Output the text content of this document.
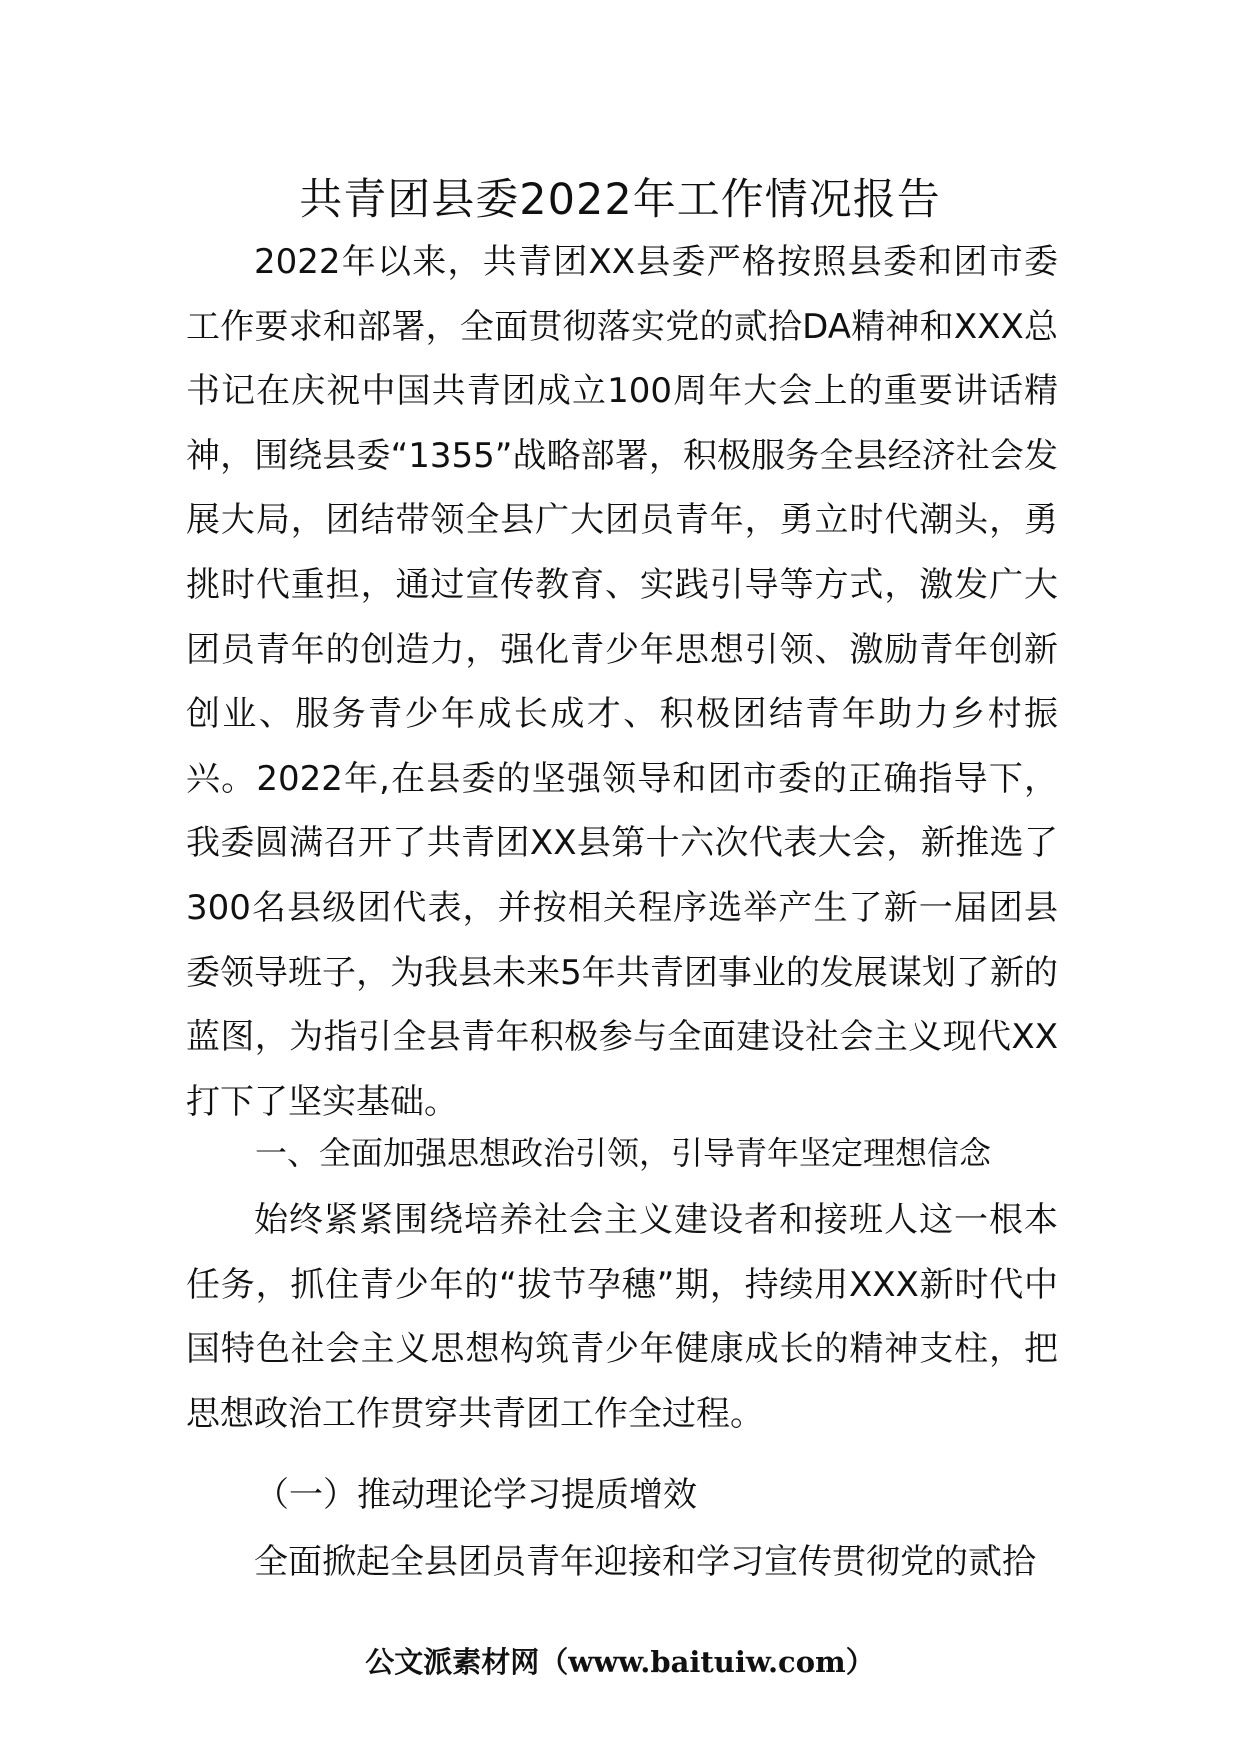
共青团县委2022年工作情况报告

2022年以来，共青团XX县委严格按照县委和团市委工作要求和部署，全面贯彻落实党的贰拾DA精神和XXX总书记在庆祝中国共青团成立100周年大会上的重要讲话精神，围绕县委“1355”战略部署，积极服务全县经济社会发展大局，团结带领全县广大团员青年，勇立时代潮头，勇挑时代重担，通过宣传教育、实践引导等方式，激发广大团员青年的创造力，强化青少年思想引领、激励青年创新创业、服务青少年成长成才、积极团结青年助力乡村振兴。2022年,在县委的坚强领导和团市委的正确指导下，我委圆满召开了共青团XX县第十六次代表大会，新推选了300名县级团代表，并按相关程序选举产生了新一届团县委领导班子，为我县未来5年共青团事业的发展谋划了新的蓝图，为指引全县青年积极参与全面建设社会主义现代XX打下了坚实基础。

一、全面加强思想政治引领，引导青年坚定理想信念

始终紧紧围绕培养社会主义建设者和接班人这一根本任务，抓住青少年的“拔节孕穗”期，持续用XXX新时代中国特色社会主义思想构筑青少年健康成长的精神支柱，把思想政治工作贯穿共青团工作全过程。

（一）推动理论学习提质增效

全面掀起全县团员青年迎接和学习宣传贯彻党的贰拾

公文派素材网（www.baituiw.com）
